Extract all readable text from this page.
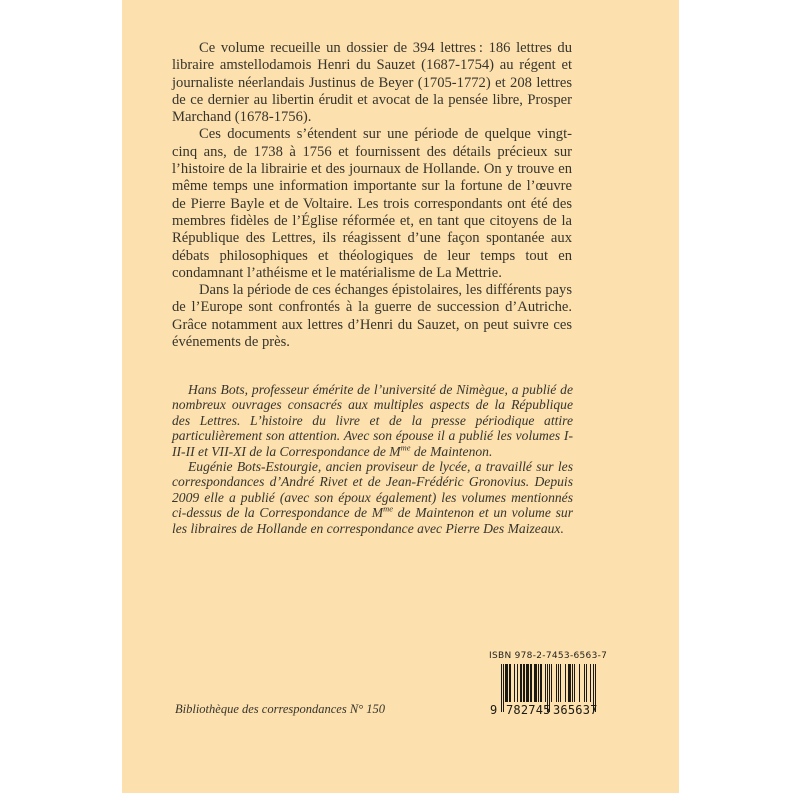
Ce volume recueille un dossier de 394 lettres : 186 lettres du libraire amstellodamois Henri du Sauzet (1687-1754) au régent et journaliste néerlandais Justinus de Beyer (1705-1772) et 208 lettres de ce dernier au libertin érudit et avocat de la pensée libre, Prosper Marchand (1678-1756).

Ces documents s’étendent sur une période de quelque vingt-cinq ans, de 1738 à 1756 et fournissent des détails précieux sur l’histoire de la librairie et des journaux de Hollande. On y trouve en même temps une information importante sur la fortune de l’œuvre de Pierre Bayle et de Voltaire. Les trois correspondants ont été des membres fidèles de l’Église réformée et, en tant que citoyens de la République des Lettres, ils réagissent d’une façon spontanée aux débats philosophiques et théologiques de leur temps tout en condamnant l’athéisme et le matérialisme de La Mettrie.

Dans la période de ces échanges épistolaires, les différents pays de l’Europe sont confrontés à la guerre de succession d’Autriche. Grâce notamment aux lettres d’Henri du Sauzet, on peut suivre ces événements de près.

Hans Bots, professeur émérite de l’université de Nimègue, a publié de nombreux ouvrages consacrés aux multiples aspects de la République des Lettres. L’histoire du livre et de la presse périodique attire particulièrement son attention. Avec son épouse il a publié les volumes I-II-II et VII-XI de la Correspondance de $M^{me}$ de Maintenon.

Eugénie Bots-Estourgie, ancien proviseur de lycée, a travaillé sur les correspondances d’André Rivet et de Jean-Frédéric Gronovius. Depuis 2009 elle a publié (avec son époux également) les volumes mentionnés ci-dessus de la Correspondance de $M^{me}$ de Maintenon et un volume sur les libraires de Hollande en correspondance avec Pierre Des Maizeaux.

Bibliothèque des correspondances N° 150
ISBN 978-2-7453-6563-7
9 782745 365637
